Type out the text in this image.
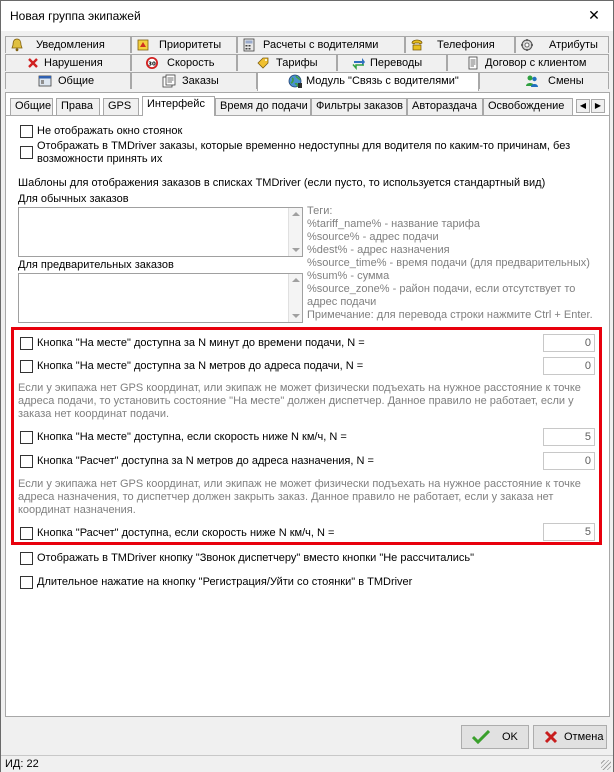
Новая группа экипажей	✕
Уведомления	Приоритеты	Расчеты с водителями	Телефония	Атрибуты
Нарушения	30 Скорость	Тарифы	Переводы	Договор с клиентом
Общие	Заказы	Модуль "Связь с водителями"	Смены
Общие Права	GPS	Интерфейс	Время до подачи Фильтры заказов Автораздача Освобождение	◀	▶
Не отображать окно стоянок
Отображать в TMDriver заказы, которые временно недоступны для водителя по каким-то причинам, без
возможности принять их
Шаблоны для отображения заказов в списках TMDriver (если пусто, то используется стандартный вид)
Для обычных заказов
Для предварительных заказов
Теги:
%tariff_name% - название тарифа
%source% - адрес подачи
%dest% - адрес назначения
%source_time% - время подачи (для предварительных)
%sum% - сумма
%source_zone% - район подачи, если отсутствует то
адрес подачи
Примечание: для перевода строки нажмите Ctrl + Enter.
Кнопка "На месте" доступна за N минут до времени подачи, N =	0
Кнопка "На месте" доступна за N метров до адреса подачи, N =	0
Если у экипажа нет GPS координат, или экипаж не может физически подъехать на нужное расстояние к точке
адреса подачи, то установить состояние "На месте" должен диспетчер. Данное правило не работает, если у
заказа нет координат подачи.
Кнопка "На месте" доступна, если скорость ниже N км/ч, N =	5
Кнопка "Расчет" доступна за N метров до адреса назначения, N =	0
Если у экипажа нет GPS координат, или экипаж не может физически подъехать на нужное расстояние к точке
адреса назначения, то диспетчер должен закрыть заказ. Данное правило не работает, если у заказа нет
координат назначения.
Кнопка "Расчет" доступна, если скорость ниже N км/ч, N =	5
Отображать в TMDriver кнопку "Звонок диспетчеру" вместо кнопки "Не рассчитались"
Длительное нажатие на кнопку "Регистрация/Уйти со стоянки" в TMDriver
OK	Отмена
ИД: 22
